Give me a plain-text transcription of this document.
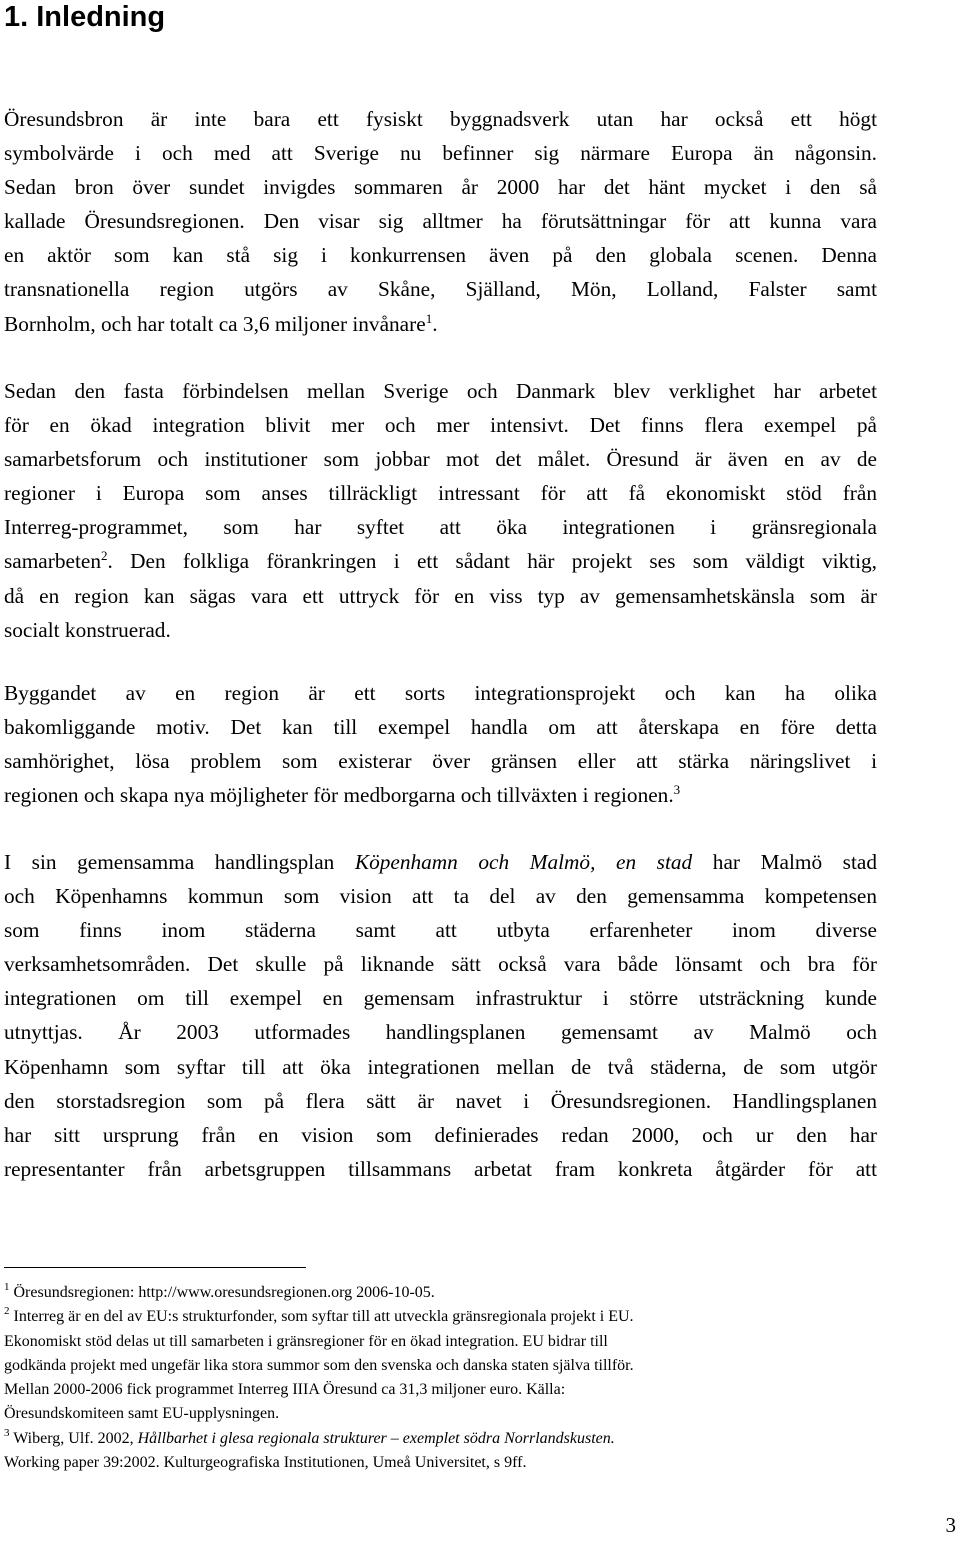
1. Inledning
Öresundsbron är inte bara ett fysiskt byggnadsverk utan har också ett högt
symbolvärde i och med att Sverige nu befinner sig närmare Europa än någonsin.
Sedan bron över sundet invigdes sommaren år 2000 har det hänt mycket i den så
kallade Öresundsregionen. Den visar sig alltmer ha förutsättningar för att kunna vara
en aktör som kan stå sig i konkurrensen även på den globala scenen. Denna
transnationella region utgörs av Skåne, Själland, Mön, Lolland, Falster samt
Bornholm, och har totalt ca 3,6 miljoner invånare$^1$.
Sedan den fasta förbindelsen mellan Sverige och Danmark blev verklighet har arbetet
för en ökad integration blivit mer och mer intensivt. Det finns flera exempel på
samarbetsforum och institutioner som jobbar mot det målet. Öresund är även en av de
regioner i Europa som anses tillräckligt intressant för att få ekonomiskt stöd från
Interreg-programmet, som har syftet att öka integrationen i gränsregionala
samarbeten$^2$. Den folkliga förankringen i ett sådant här projekt ses som väldigt viktig,
då en region kan sägas vara ett uttryck för en viss typ av gemensamhetskänsla som är
socialt konstruerad.
Byggandet av en region är ett sorts integrationsprojekt och kan ha olika
bakomliggande motiv. Det kan till exempel handla om att återskapa en före detta
samhörighet, lösa problem som existerar över gränsen eller att stärka näringslivet i
regionen och skapa nya möjligheter för medborgarna och tillväxten i regionen.$^3$
I sin gemensamma handlingsplan Köpenhamn och Malmö, en stad har Malmö stad
och Köpenhamns kommun som vision att ta del av den gemensamma kompetensen
som finns inom städerna samt att utbyta erfarenheter inom diverse
verksamhetsområden. Det skulle på liknande sätt också vara både lönsamt och bra för
integrationen om till exempel en gemensam infrastruktur i större utsträckning kunde
utnyttjas. År 2003 utformades handlingsplanen gemensamt av Malmö och
Köpenhamn som syftar till att öka integrationen mellan de två städerna, de som utgör
den storstadsregion som på flera sätt är navet i Öresundsregionen. Handlingsplanen
har sitt ursprung från en vision som definierades redan 2000, och ur den har
representanter från arbetsgruppen tillsammans arbetat fram konkreta åtgärder för att
$^1$ Öresundsregionen: http://www.oresundsregionen.org 2006-10-05.
$^2$ Interreg är en del av EU:s strukturfonder, som syftar till att utveckla gränsregionala projekt i EU.
Ekonomiskt stöd delas ut till samarbeten i gränsregioner för en ökad integration. EU bidrar till
godkända projekt med ungefär lika stora summor som den svenska och danska staten själva tillför.
Mellan 2000-2006 fick programmet Interreg IIIA Öresund ca 31,3 miljoner euro. Källa:
Öresundskomiteen samt EU-upplysningen.
$^3$ Wiberg, Ulf. 2002, Hållbarhet i glesa regionala strukturer – exemplet södra Norrlandskusten.
Working paper 39:2002. Kulturgeografiska Institutionen, Umeå Universitet, s 9ff.
3
